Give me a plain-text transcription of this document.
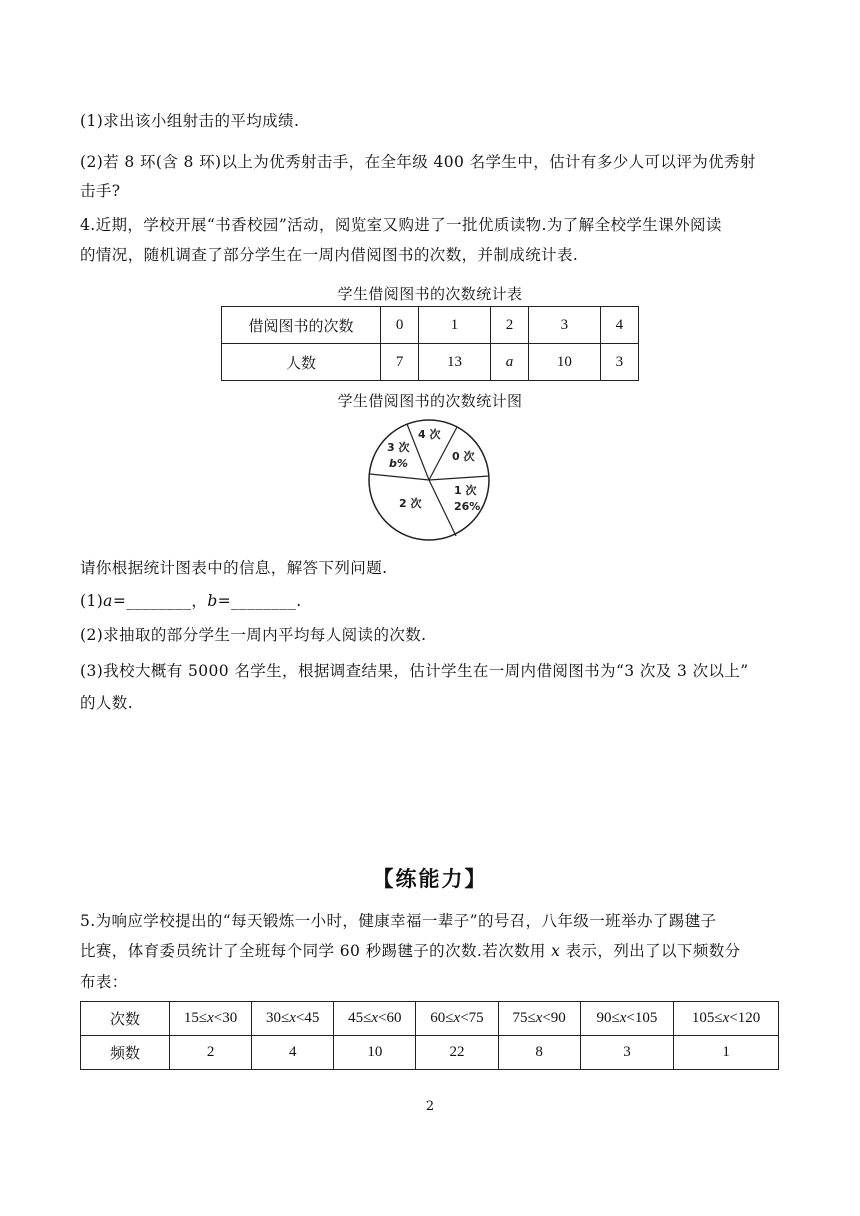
(1)求出该小组射击的平均成绩.
(2)若 8 环(含 8 环)以上为优秀射击手，在全年级 400 名学生中，估计有多少人可以评为优秀射
击手?
4.近期，学校开展“书香校园”活动，阅览室又购进了一批优质读物.为了解全校学生课外阅读
的情况，随机调查了部分学生在一周内借阅图书的次数，并制成统计表.
学生借阅图书的次数统计表
借阅图书的次数	0	1	2	3	4
人数	7	13	a	10	3
学生借阅图书的次数统计图
4 次
0 次
1 次
26%
2 次
3 次
b%
请你根据统计图表中的信息，解答下列问题.
(1)a=________，b=________.
(2)求抽取的部分学生一周内平均每人阅读的次数.
(3)我校大概有 5000 名学生，根据调查结果，估计学生在一周内借阅图书为“3 次及 3 次以上”
的人数.
【练能力】
5.为响应学校提出的“每天锻炼一小时，健康幸福一辈子”的号召，八年级一班举办了踢毽子
比赛，体育委员统计了全班每个同学 60 秒踢毽子的次数.若次数用 x 表示，列出了以下频数分
布表：
次数	15≤x<30	30≤x<45	45≤x<60	60≤x<75	75≤x<90	90≤x<105	105≤x<120
频数	2	4	10	22	8	3	1
2
